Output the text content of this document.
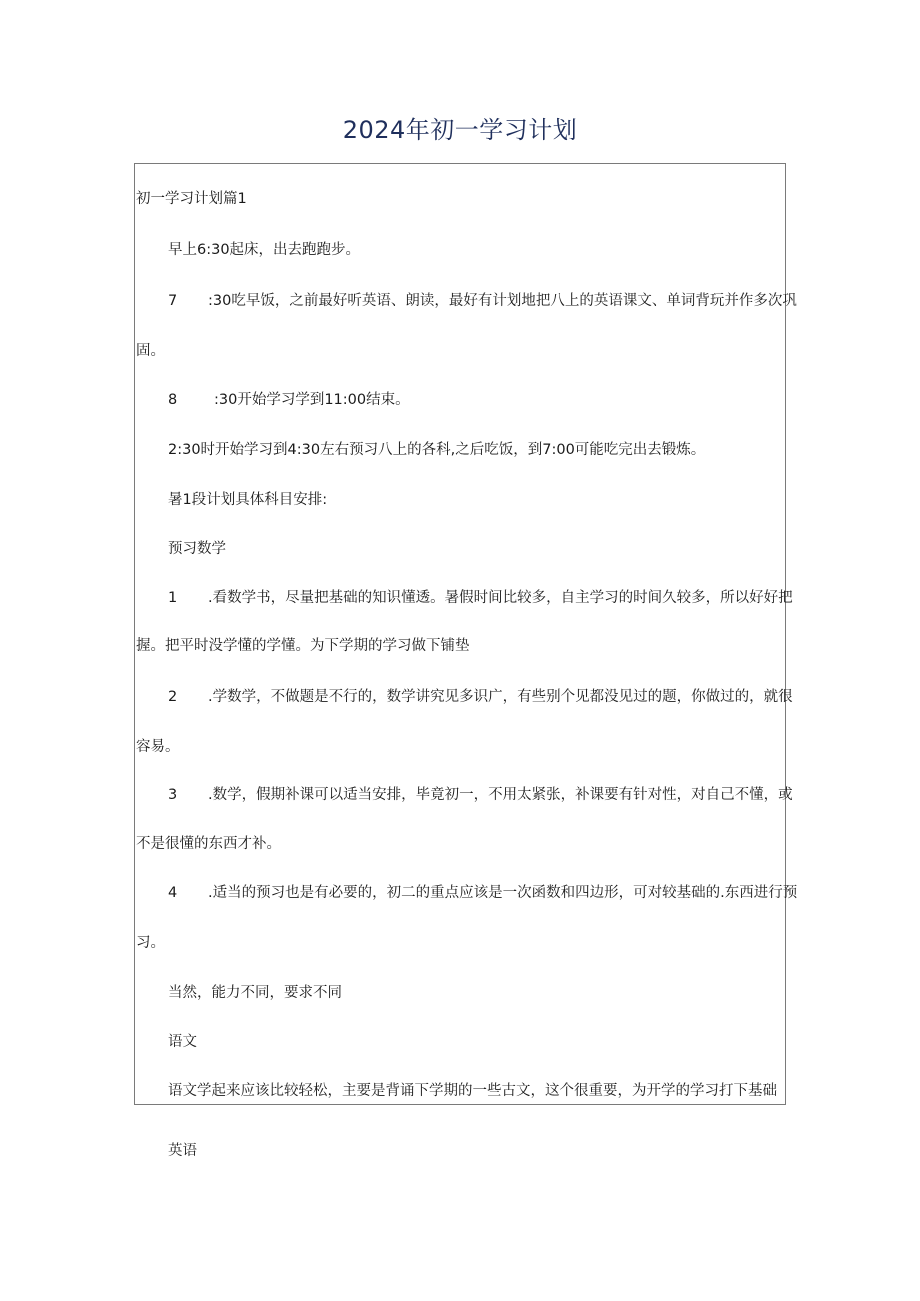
2024年初一学习计划
初一学习计划篇1
早上6:30起床，出去跑跑步。
7 :30吃早饭，之前最好听英语、朗读，最好有计划地把八上的英语课文、单词背玩并作多次巩
固。
8	:30开始学习学到11:00结束。
2:30时开始学习到4:30左右预习八上的各科,之后吃饭，到7:00可能吃完出去锻炼。
暑1段计划具体科目安排:
预习数学
1 .看数学书，尽量把基础的知识懂透。暑假时间比较多，自主学习的时间久较多，所以好好把
握。把平时没学懂的学懂。为下学期的学习做下铺垫
2 .学数学，不做题是不行的，数学讲究见多识广，有些别个见都没见过的题，你做过的，就很
容易。
3 .数学，假期补课可以适当安排，毕竟初一，不用太紧张，补课要有针对性，对自己不懂，或
不是很懂的东西才补。
4 .适当的预习也是有必要的，初二的重点应该是一次函数和四边形，可对较基础的.东西进行预
习。
当然，能力不同，要求不同
语文
语文学起来应该比较轻松，主要是背诵下学期的一些古文，这个很重要，为开学的学习打下基础
英语
